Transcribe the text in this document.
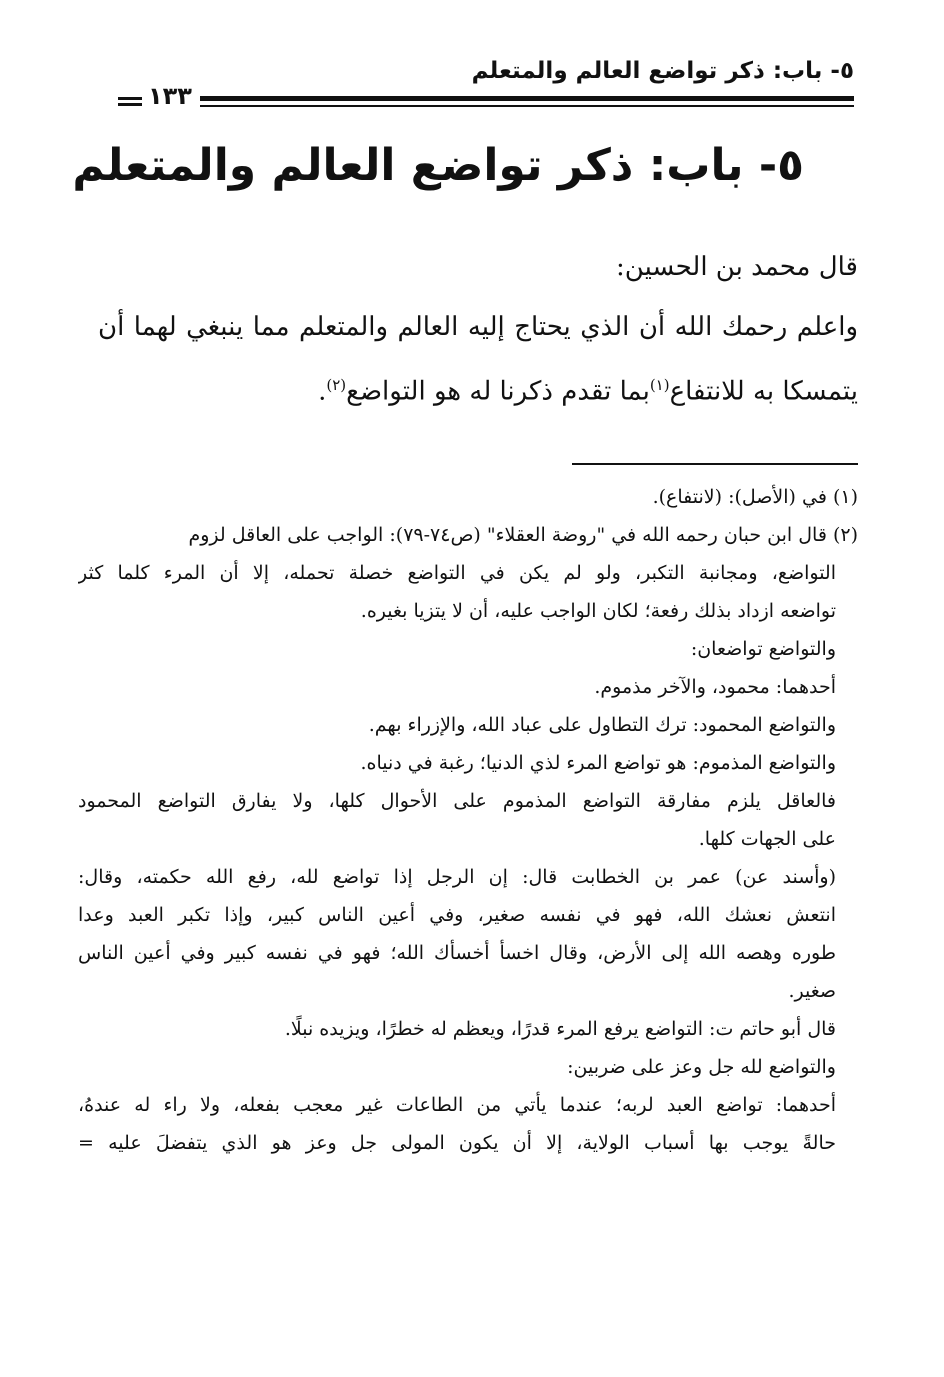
٥- باب: ذكر تواضع العالم والمتعلم
١٣٣
٥- باب: ذكر تواضع العالم والمتعلم
قال محمد بن الحسين:
واعلم رحمك الله أن الذي يحتاج إليه العالم والمتعلم مما ينبغي لهما أن
يتمسكا به للانتفاع$^{(١)}$بما تقدم ذكرنا له هو التواضع$^{(٢)}$.
(١) في (الأصل): (لانتفاع).
(٢) قال ابن حبان رحمه الله في "روضة العقلاء" (ص٧٤-٧٩): الواجب على العاقل لزوم
التواضع، ومجانبة التكبر، ولو لم يكن في التواضع خصلة تحمله، إلا أن المرء كلما كثر
تواضعه ازداد بذلك رفعة؛ لكان الواجب عليه، أن لا يتزيا بغيره.
والتواضع تواضعان:
أحدهما: محمود، والآخر مذموم.
والتواضع المحمود: ترك التطاول على عباد الله، والإزراء بهم.
والتواضع المذموم: هو تواضع المرء لذي الدنيا؛ رغبة في دنياه.
فالعاقل يلزم مفارقة التواضع المذموم على الأحوال كلها، ولا يفارق التواضع المحمود
على الجهات كلها.
(وأسند عن) عمر بن الخطابت قال: إن الرجل إذا تواضع لله، رفع الله حكمته، وقال:
انتعش نعشك الله، فهو في نفسه صغير، وفي أعين الناس كبير، وإذا تكبر العبد وعدا
طوره وهصه الله إلى الأرض، وقال اخسأ أخسأك الله؛ فهو في نفسه كبير وفي أعين الناس
صغير.
قال أبو حاتم ت: التواضع يرفع المرء قدرًا، ويعظم له خطرًا، ويزيده نبلًا.
والتواضع لله جل وعز على ضربين:
أحدهما: تواضع العبد لربه؛ عندما يأتي من الطاعات غير معجب بفعله، ولا راء له عندهُ،
حالةً يوجب بها أسباب الولاية، إلا أن يكون المولى جل وعز هو الذي يتفضلَ عليه =
